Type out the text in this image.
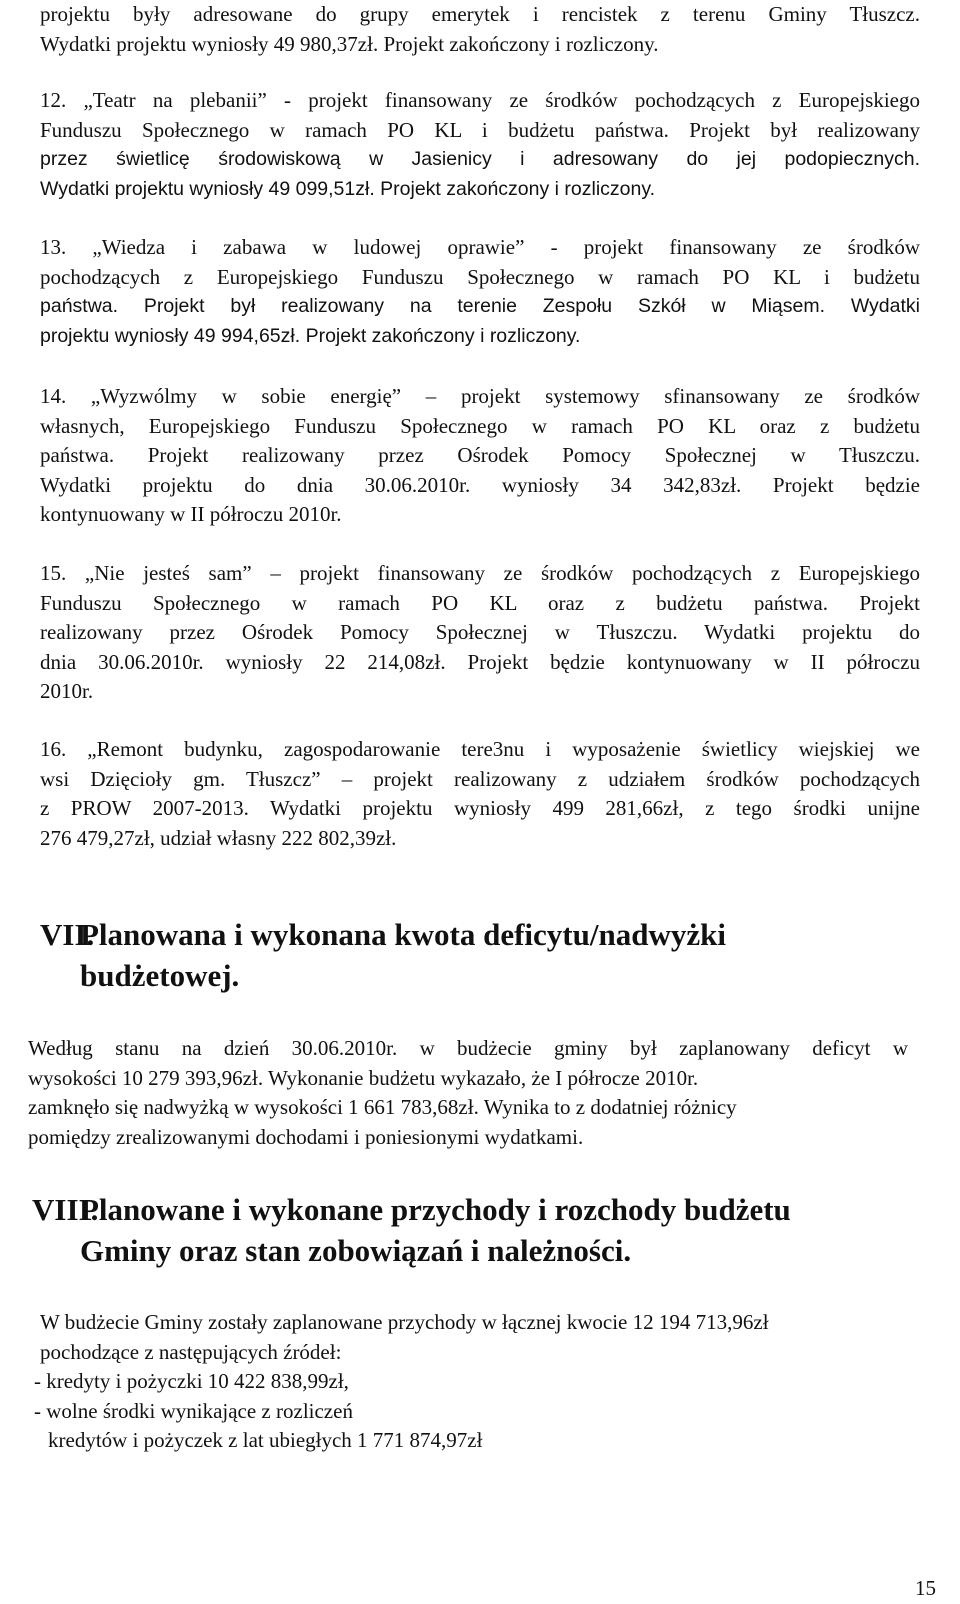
projektu były adresowane do grupy emerytek i rencistek z terenu Gminy Tłuszcz.
Wydatki projektu wyniosły 49 980,37zł. Projekt zakończony i rozliczony.
12. „Teatr na plebanii” - projekt finansowany ze środków pochodzących z Europejskiego
Funduszu Społecznego w ramach PO KL i budżetu państwa. Projekt był realizowany
przez świetlicę środowiskową w Jasienicy i adresowany do jej podopiecznych.
Wydatki projektu wyniosły 49 099,51zł. Projekt zakończony i rozliczony.
13. „Wiedza i zabawa w ludowej oprawie” - projekt finansowany ze środków
pochodzących z Europejskiego Funduszu Społecznego w ramach PO KL i budżetu
państwa. Projekt był realizowany na terenie Zespołu Szkół w Miąsem. Wydatki
projektu wyniosły 49 994,65zł. Projekt zakończony i rozliczony.
14. „Wyzwólmy w sobie energię” – projekt systemowy sfinansowany ze środków
własnych, Europejskiego Funduszu Społecznego w ramach PO KL oraz z budżetu
państwa. Projekt realizowany przez Ośrodek Pomocy Społecznej w Tłuszczu.
Wydatki projektu do dnia 30.06.2010r. wyniosły 34 342,83zł. Projekt będzie
kontynuowany w II półroczu 2010r.
15. „Nie jesteś sam” – projekt finansowany ze środków pochodzących z Europejskiego
Funduszu Społecznego w ramach PO KL oraz z budżetu państwa. Projekt
realizowany przez Ośrodek Pomocy Społecznej w Tłuszczu. Wydatki projektu do
dnia 30.06.2010r. wyniosły 22 214,08zł. Projekt będzie kontynuowany w II półroczu
2010r.
16. „Remont budynku, zagospodarowanie tere3nu i wyposażenie świetlicy wiejskiej we
wsi Dzięcioły gm. Tłuszcz” – projekt realizowany z udziałem środków pochodzących
z PROW 2007-2013. Wydatki projektu wyniosły 499 281,66zł, z tego środki unijne
276 479,27zł, udział własny 222 802,39zł.
VII.
Planowana i wykonana kwota deficytu/nadwyżki
budżetowej.
Według stanu na dzień 30.06.2010r. w budżecie gminy był zaplanowany deficyt w
wysokości 10 279 393,96zł. Wykonanie budżetu wykazało, że I półrocze 2010r.
zamknęło się nadwyżką w wysokości 1 661 783,68zł. Wynika to z dodatniej różnicy
pomiędzy zrealizowanymi dochodami i poniesionymi wydatkami.
VIII.
Planowane i wykonane przychody i rozchody budżetu
Gminy oraz stan zobowiązań i należności.
W budżecie Gminy zostały zaplanowane przychody w łącznej kwocie 12 194 713,96zł
pochodzące z następujących źródeł:
- kredyty i pożyczki 10 422 838,99zł,
- wolne środki wynikające z rozliczeń
kredytów i pożyczek z lat ubiegłych 1 771 874,97zł
15
